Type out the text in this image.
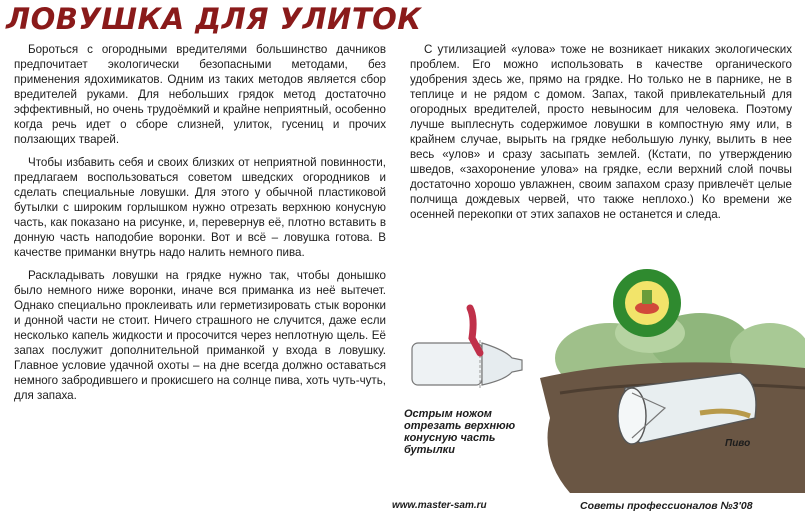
ЛОВУШКА ДЛЯ УЛИТОК

Бороться с огородными вредителями большинство дачников предпочитает экологически безопасными методами, без применения ядохимикатов. Одним из таких методов является сбор вредителей руками. Для небольших грядок метод достаточно эффективный, но очень трудоёмкий и крайне неприятный, особенно когда речь идет о сборе слизней, улиток, гусениц и прочих ползающих тварей.

Чтобы избавить себя и своих близких от неприятной повинности, предлагаем воспользоваться советом шведских огородников и сделать специальные ловушки. Для этого у обычной пластиковой бутылки с широким горлышком нужно отрезать верхнюю конусную часть, как показано на рисунке, и, перевернув её, плотно вставить в донную часть наподобие воронки. Вот и всё – ловушка готова. В качестве приманки внутрь надо налить немного пива.

Раскладывать ловушки на грядке нужно так, чтобы донышко было немного ниже воронки, иначе вся приманка из неё вытечет. Однако специально проклеивать или герметизировать стык воронки и донной части не стоит. Ничего страшного не случится, даже если несколько капель жидкости и просочится через неплотную щель. Её запах послужит дополнительной приманкой у входа в ловушку. Главное условие удачной охоты – на дне всегда должно оставаться немного забродившего и прокисшего на солнце пива, хоть чуть-чуть, для запаха.

С утилизацией «улова» тоже не возникает никаких экологических проблем. Его можно использовать в качестве органического удобрения здесь же, прямо на грядке. Но только не в парнике, не в теплице и не рядом с домом. Запах, такой привлекательный для огородных вредителей, просто невыносим для человека. Поэтому лучше выплеснуть содержимое ловушки в компостную яму или, в крайнем случае, вырыть на грядке небольшую лунку, вылить в нее весь «улов» и сразу засыпать землей. (Кстати, по утверждению шведов, «захоронение улова» на грядке, если верхний слой почвы достаточно хорошо увлажнен, своим запахом сразу привлечёт целые полчища дождевых червей, что также неплохо.) Ко времени же осенней перекопки от этих запахов не останется и следа.

Острым ножом отрезать верхнюю конусную часть бутылки
Пиво
www.master-sam.ru	Советы профессионалов №3'08
